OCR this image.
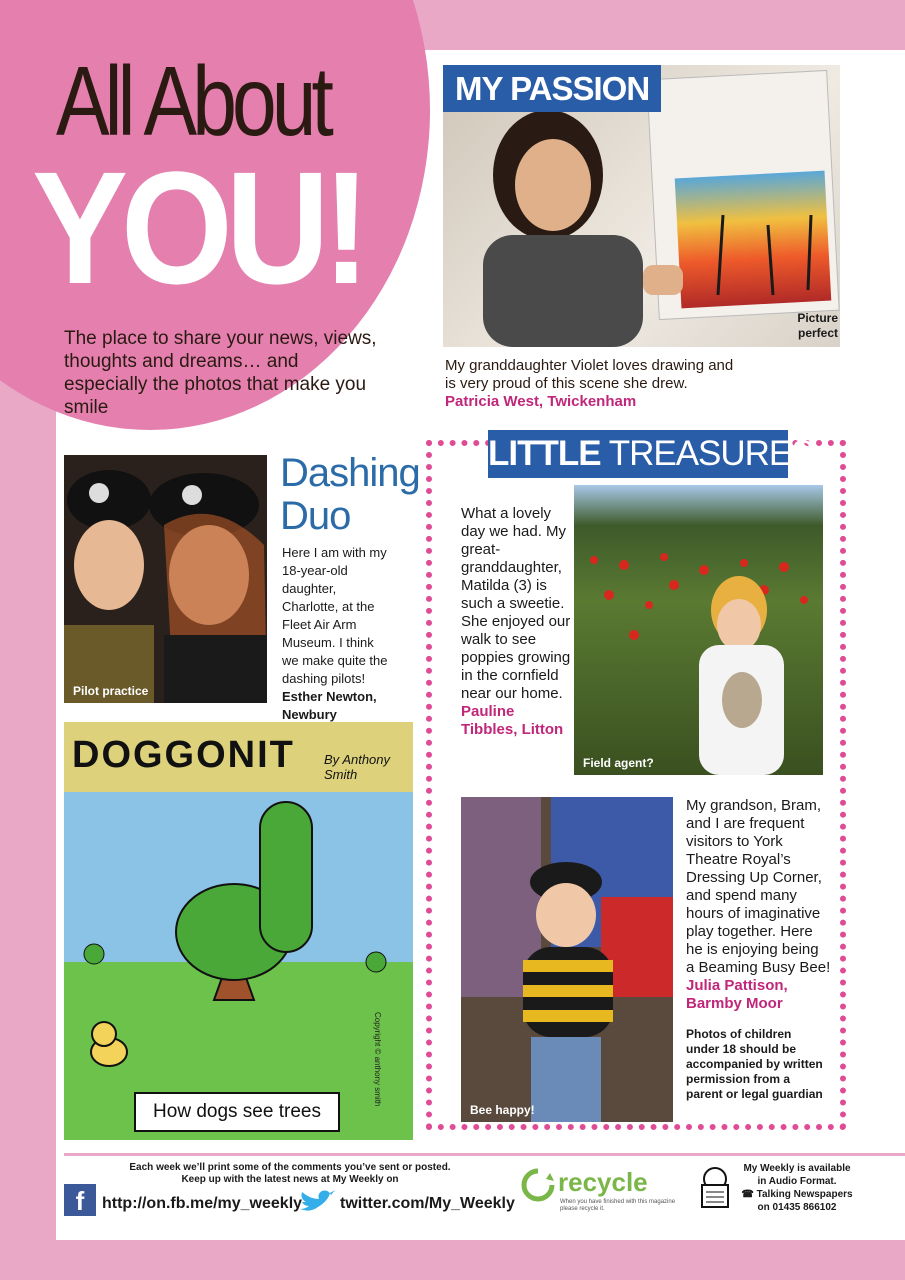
All About
YOU!
The place to share your news, views, thoughts and dreams… and especially the photos that make you smile
MY PASSION
Picture
perfect
My granddaughter Violet loves drawing and is very proud of this scene she drew.
Patricia West, Twickenham
Pilot practice
Dashing
Duo
Here I am with my 18-year-old daughter, Charlotte, at the Fleet Air Arm Museum. I think we make quite the dashing pilots!
Esther Newton, Newbury
DOGGONIT By Anthony Smith
How dogs see trees
Copyright © anthony smith
LITTLE TREASURES
What a lovely day we had. My great-granddaughter, Matilda (3) is such a sweetie. She enjoyed our walk to see poppies growing in the cornfield near our home.
Pauline Tibbles, Litton
Field agent?
Bee happy!
My grandson, Bram, and I are frequent visitors to York Theatre Royal’s Dressing Up Corner, and spend many hours of imaginative play together. Here he is enjoying being a Beaming Busy Bee!
Julia Pattison, Barmby Moor
Photos of children under 18 should be accompanied by written permission from a parent or legal guardian
Each week we’ll print some of the comments you’ve sent or posted.
Keep up with the latest news at My Weekly on
f	http://on.fb.me/my_weekly twitter.com/My_Weekly
recycle
When you have finished with this magazine please recycle it.
My Weekly is available
in Audio Format.
☎ Talking Newspapers
on 01435 866102
